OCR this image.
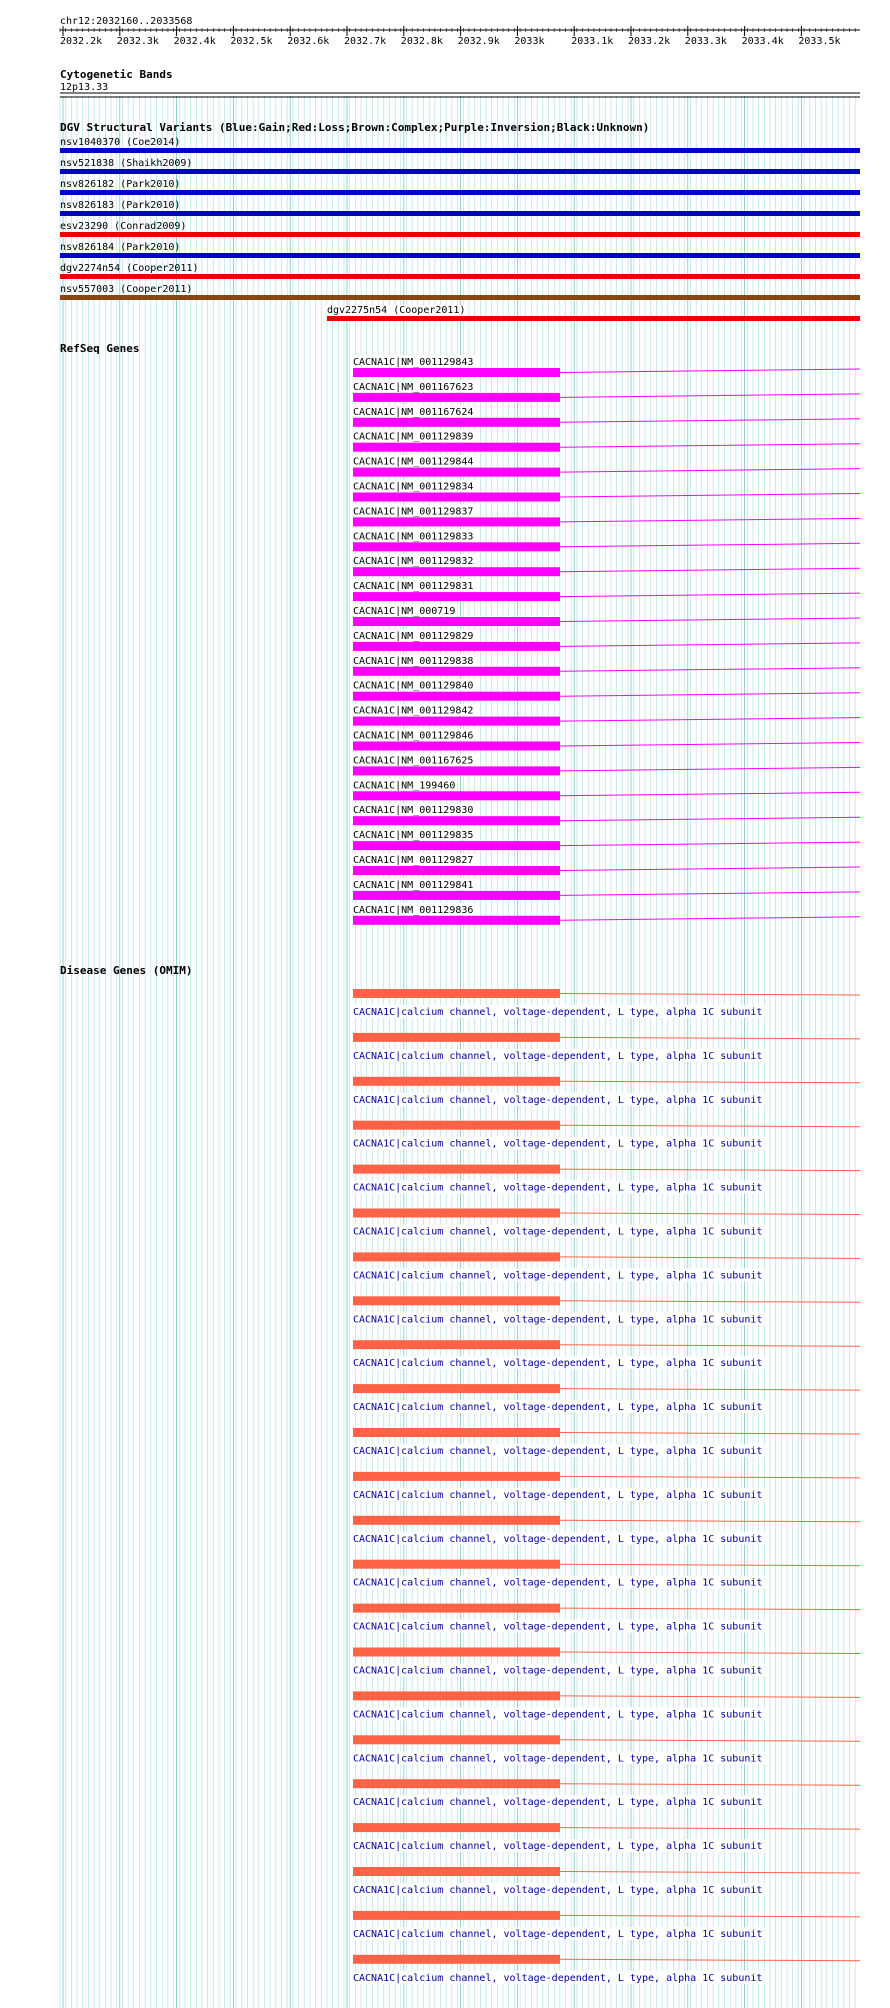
chr12:2032160..2033568
2032.2k 2032.3k 2032.4k 2032.5k 2032.6k 2032.7k 2032.8k 2032.9k 2033k	2033.1k 2033.2k 2033.3k 2033.4k 2033.5k
Cytogenetic Bands
12p13.33
DGV Structural Variants (Blue:Gain;Red:Loss;Brown:Complex;Purple:Inversion;Black:Unknown)
nsv1040370 (Coe2014)
nsv521838 (Shaikh2009)
nsv826182 (Park2010)
nsv826183 (Park2010)
esv23290 (Conrad2009)
nsv826184 (Park2010)
dgv2274n54 (Cooper2011)
nsv557003 (Cooper2011)
dgv2275n54 (Cooper2011)
RefSeq Genes
CACNA1C|NM_001129843
CACNA1C|NM_001167623
CACNA1C|NM_001167624
CACNA1C|NM_001129839
CACNA1C|NM_001129844
CACNA1C|NM_001129834
CACNA1C|NM_001129837
CACNA1C|NM_001129833
CACNA1C|NM_001129832
CACNA1C|NM_001129831
CACNA1C|NM_000719
CACNA1C|NM_001129829
CACNA1C|NM_001129838
CACNA1C|NM_001129840
CACNA1C|NM_001129842
CACNA1C|NM_001129846
CACNA1C|NM_001167625
CACNA1C|NM_199460
CACNA1C|NM_001129830
CACNA1C|NM_001129835
CACNA1C|NM_001129827
CACNA1C|NM_001129841
CACNA1C|NM_001129836
Disease Genes (OMIM)
CACNA1C|calcium channel, voltage-dependent, L type, alpha 1C subunit
CACNA1C|calcium channel, voltage-dependent, L type, alpha 1C subunit
CACNA1C|calcium channel, voltage-dependent, L type, alpha 1C subunit
CACNA1C|calcium channel, voltage-dependent, L type, alpha 1C subunit
CACNA1C|calcium channel, voltage-dependent, L type, alpha 1C subunit
CACNA1C|calcium channel, voltage-dependent, L type, alpha 1C subunit
CACNA1C|calcium channel, voltage-dependent, L type, alpha 1C subunit
CACNA1C|calcium channel, voltage-dependent, L type, alpha 1C subunit
CACNA1C|calcium channel, voltage-dependent, L type, alpha 1C subunit
CACNA1C|calcium channel, voltage-dependent, L type, alpha 1C subunit
CACNA1C|calcium channel, voltage-dependent, L type, alpha 1C subunit
CACNA1C|calcium channel, voltage-dependent, L type, alpha 1C subunit
CACNA1C|calcium channel, voltage-dependent, L type, alpha 1C subunit
CACNA1C|calcium channel, voltage-dependent, L type, alpha 1C subunit
CACNA1C|calcium channel, voltage-dependent, L type, alpha 1C subunit
CACNA1C|calcium channel, voltage-dependent, L type, alpha 1C subunit
CACNA1C|calcium channel, voltage-dependent, L type, alpha 1C subunit
CACNA1C|calcium channel, voltage-dependent, L type, alpha 1C subunit
CACNA1C|calcium channel, voltage-dependent, L type, alpha 1C subunit
CACNA1C|calcium channel, voltage-dependent, L type, alpha 1C subunit
CACNA1C|calcium channel, voltage-dependent, L type, alpha 1C subunit
CACNA1C|calcium channel, voltage-dependent, L type, alpha 1C subunit
CACNA1C|calcium channel, voltage-dependent, L type, alpha 1C subunit
